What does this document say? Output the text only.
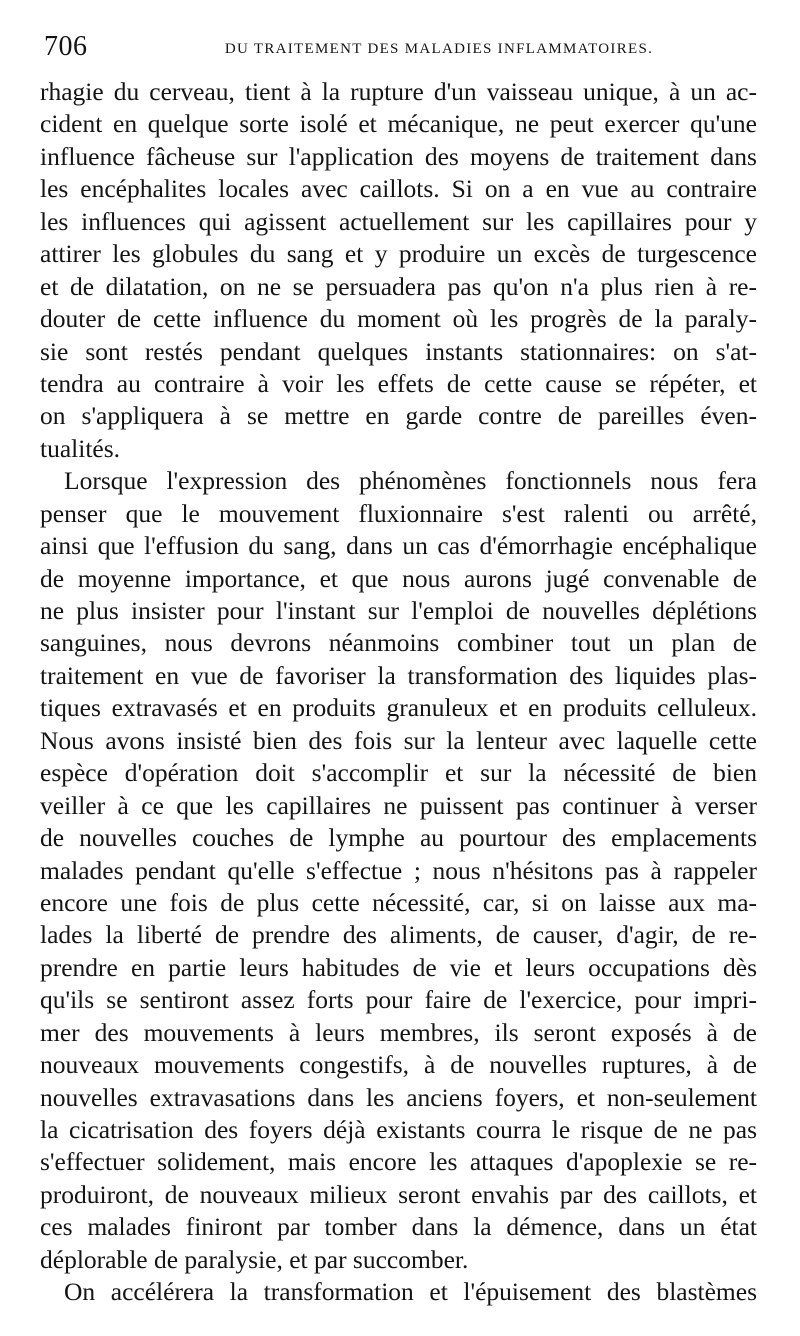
706	DU TRAITEMENT DES MALADIES INFLAMMATOIRES.
rhagie du cerveau, tient à la rupture d'un vaisseau unique, à un ac-
cident en quelque sorte isolé et mécanique, ne peut exercer qu'une
influence fâcheuse sur l'application des moyens de traitement dans
les encéphalites locales avec caillots. Si on a en vue au contraire
les influences qui agissent actuellement sur les capillaires pour y
attirer les globules du sang et y produire un excès de turgescence
et de dilatation, on ne se persuadera pas qu'on n'a plus rien à re-
douter de cette influence du moment où les progrès de la paraly-
sie sont restés pendant quelques instants stationnaires: on s'at-
tendra au contraire à voir les effets de cette cause se répéter, et
on s'appliquera à se mettre en garde contre de pareilles éven-
tualités.
Lorsque l'expression des phénomènes fonctionnels nous fera
penser que le mouvement fluxionnaire s'est ralenti ou arrêté,
ainsi que l'effusion du sang, dans un cas d'émorrhagie encéphalique
de moyenne importance, et que nous aurons jugé convenable de
ne plus insister pour l'instant sur l'emploi de nouvelles déplétions
sanguines, nous devrons néanmoins combiner tout un plan de
traitement en vue de favoriser la transformation des liquides plas-
tiques extravasés et en produits granuleux et en produits celluleux.
Nous avons insisté bien des fois sur la lenteur avec laquelle cette
espèce d'opération doit s'accomplir et sur la nécessité de bien
veiller à ce que les capillaires ne puissent pas continuer à verser
de nouvelles couches de lymphe au pourtour des emplacements
malades pendant qu'elle s'effectue ; nous n'hésitons pas à rappeler
encore une fois de plus cette nécessité, car, si on laisse aux ma-
lades la liberté de prendre des aliments, de causer, d'agir, de re-
prendre en partie leurs habitudes de vie et leurs occupations dès
qu'ils se sentiront assez forts pour faire de l'exercice, pour impri-
mer des mouvements à leurs membres, ils seront exposés à de
nouveaux mouvements congestifs, à de nouvelles ruptures, à de
nouvelles extravasations dans les anciens foyers, et non-seulement
la cicatrisation des foyers déjà existants courra le risque de ne pas
s'effectuer solidement, mais encore les attaques d'apoplexie se re-
produiront, de nouveaux milieux seront envahis par des caillots, et
ces malades finiront par tomber dans la démence, dans un état
déplorable de paralysie, et par succomber.
On accélérera la transformation et l'épuisement des blastèmes
